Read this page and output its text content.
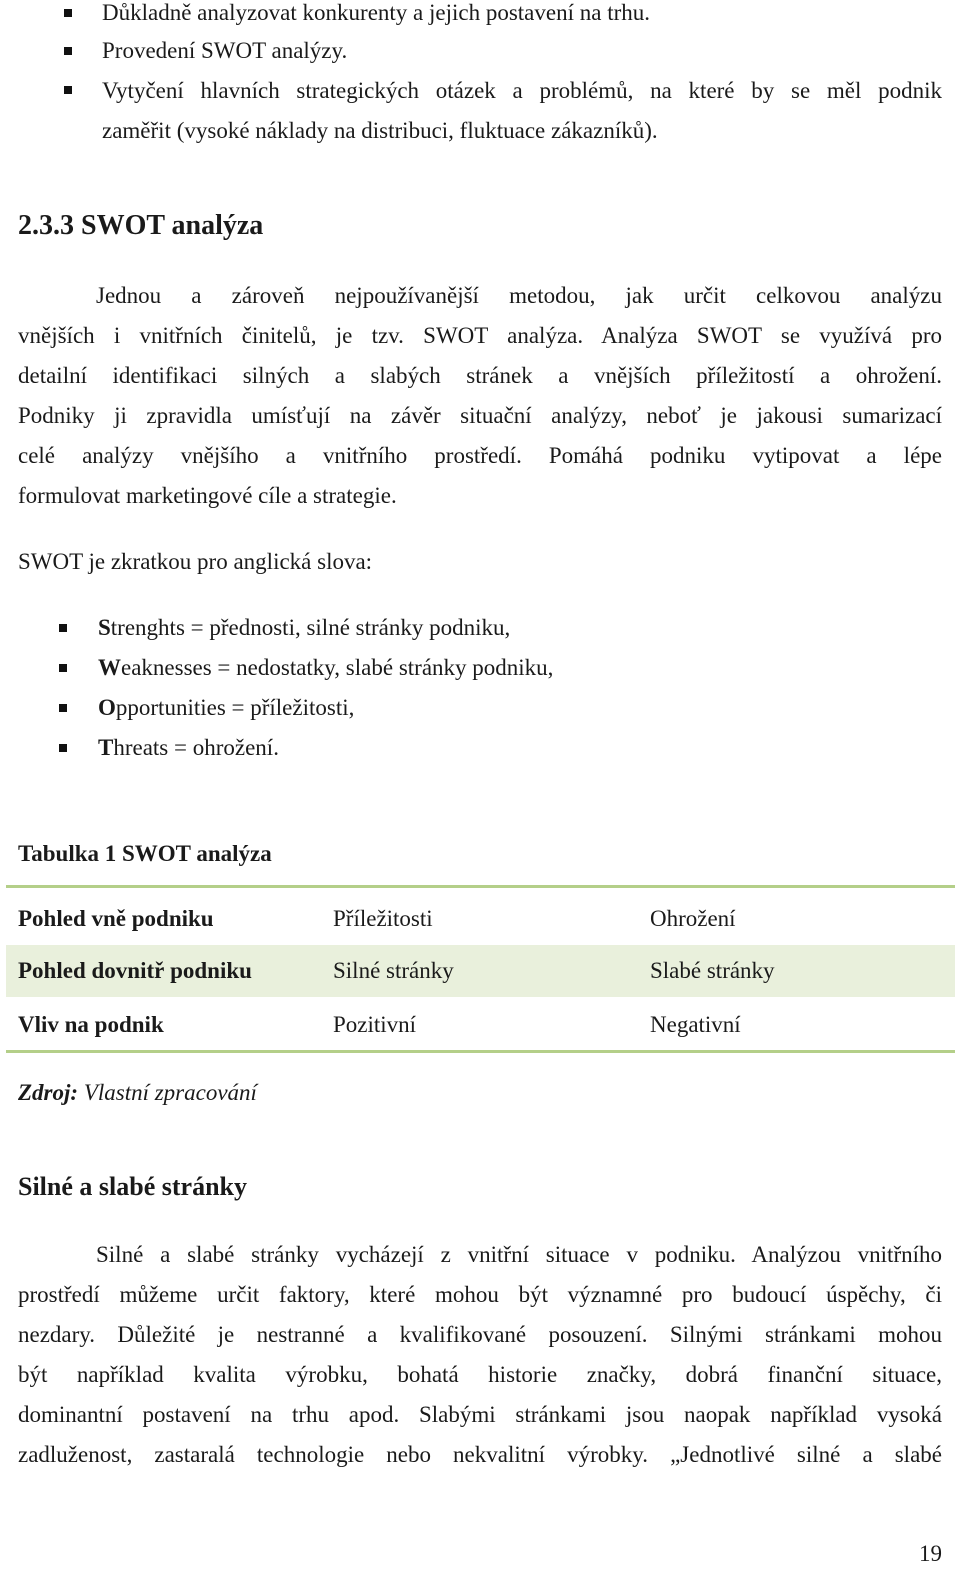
Důkladně analyzovat konkurenty a jejich postavení na trhu.
Provedení SWOT analýzy.
Vytyčení hlavních strategických otázek a problémů, na které by se měl podnik
zaměřit (vysoké náklady na distribuci, fluktuace zákazníků).
2.3.3 SWOT analýza
Jednou a zároveň nejpoužívanější metodou, jak určit celkovou analýzu
vnějších i vnitřních činitelů, je tzv. SWOT analýza. Analýza SWOT se využívá pro
detailní identifikaci silných a slabých stránek a vnějších příležitostí a ohrožení.
Podniky ji zpravidla umísťují na závěr situační analýzy, neboť je jakousi sumarizací
celé analýzy vnějšího a vnitřního prostředí. Pomáhá podniku vytipovat a lépe
formulovat marketingové cíle a strategie.
SWOT je zkratkou pro anglická slova:
Strenghts = přednosti, silné stránky podniku,
Weaknesses = nedostatky, slabé stránky podniku,
Opportunities = příležitosti,
Threats = ohrožení.
Tabulka 1 SWOT analýza
Pohled vně podniku	Příležitosti	Ohrožení
Pohled dovnitř podniku	Silné stránky	Slabé stránky
Vliv na podnik	Pozitivní	Negativní
Zdroj: Vlastní zpracování
Silné a slabé stránky
Silné a slabé stránky vycházejí z vnitřní situace v podniku. Analýzou vnitřního
prostředí můžeme určit faktory, které mohou být významné pro budoucí úspěchy, či
nezdary. Důležité je nestranné a kvalifikované posouzení. Silnými stránkami mohou
být například kvalita výrobku, bohatá historie značky, dobrá finanční situace,
dominantní postavení na trhu apod. Slabými stránkami jsou naopak například vysoká
zadluženost, zastaralá technologie nebo nekvalitní výrobky. „Jednotlivé silné a slabé
19
